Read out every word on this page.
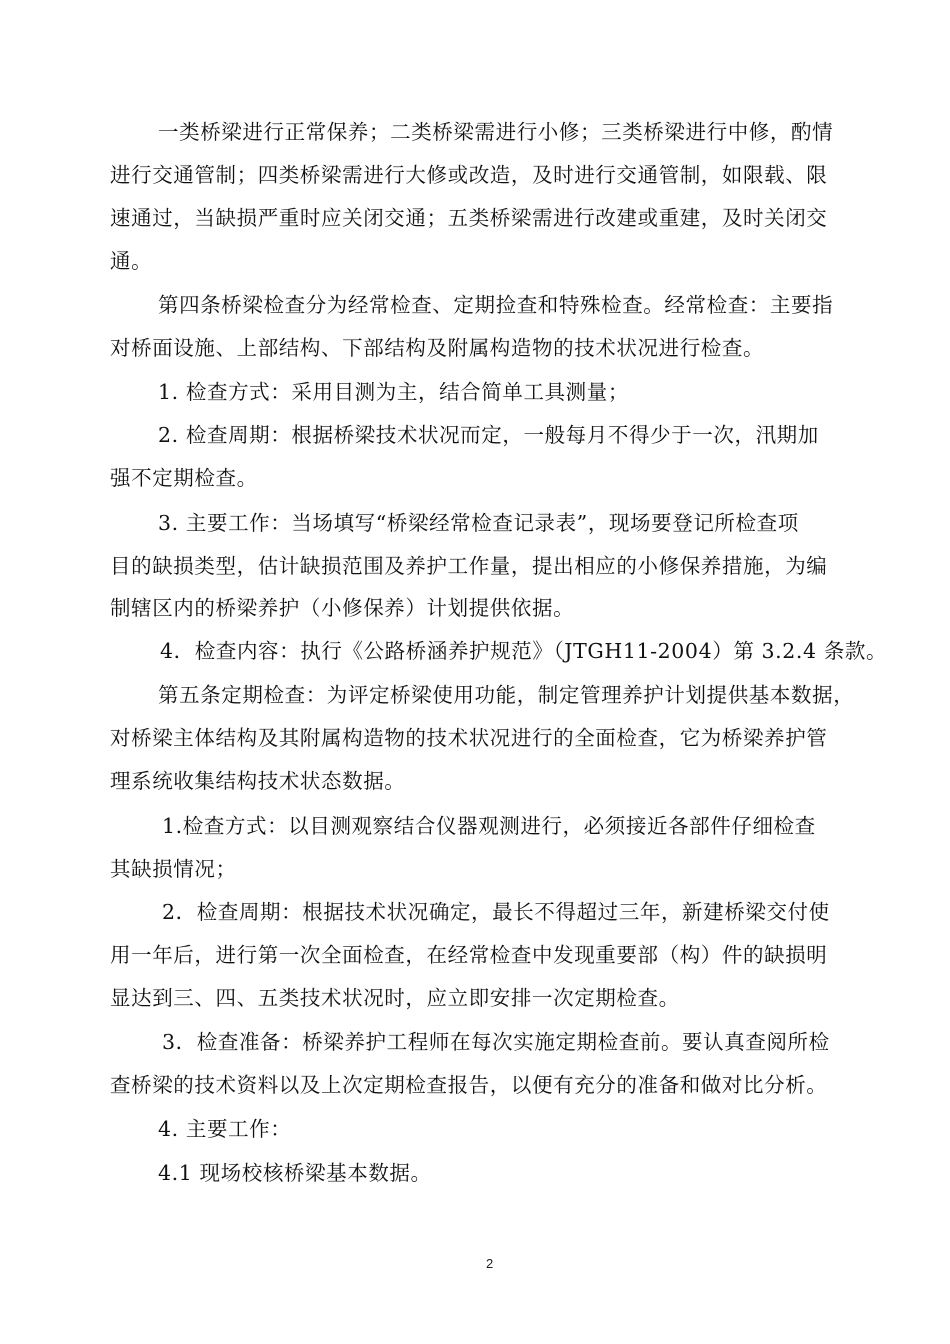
一类桥梁进行正常保养；二类桥梁需进行小修；三类桥梁进行中修，酌情
进行交通管制；四类桥梁需进行大修或改造，及时进行交通管制，如限载、限
速通过，当缺损严重时应关闭交通；五类桥梁需进行改建或重建，及时关闭交
通。
第四条桥梁检查分为经常检查、定期捡查和特殊检查。经常检查：主要指
对桥面设施、上部结构、下部结构及附属构造物的技术状况进行检查。
1. 检查方式：采用目测为主，结合简单工具测量；
2. 检查周期：根据桥梁技术状况而定，一般每月不得少于一次，汛期加
强不定期检查。
3. 主要工作：当场填写“桥梁经常检查记录表”，现场要登记所检查项
目的缺损类型，估计缺损范围及养护工作量，提出相应的小修保养措施，为编
制辖区内的桥梁养护（小修保养）计划提供依据。
4．检查内容：执行《公路桥涵养护规范》（JTGH11-2004）第 3.2.4 条款。
第五条定期检查：为评定桥梁使用功能，制定管理养护计划提供基本数据，
对桥梁主体结构及其附属构造物的技术状况进行的全面检查，它为桥梁养护管
理系统收集结构技术状态数据。
1.检查方式：以目测观察结合仪器观测进行，必须接近各部件仔细检查
其缺损情况；
2．检查周期：根据技术状况确定，最长不得超过三年，新建桥梁交付使
用一年后，进行第一次全面检查，在经常检查中发现重要部（构）件的缺损明
显达到三、四、五类技术状况时，应立即安排一次定期检查。
3．检查准备：桥梁养护工程师在每次实施定期检查前。要认真查阅所检
查桥梁的技术资料以及上次定期检查报告，以便有充分的准备和做对比分析。
4. 主要工作：
4.1 现场校核桥梁基本数据。
2
